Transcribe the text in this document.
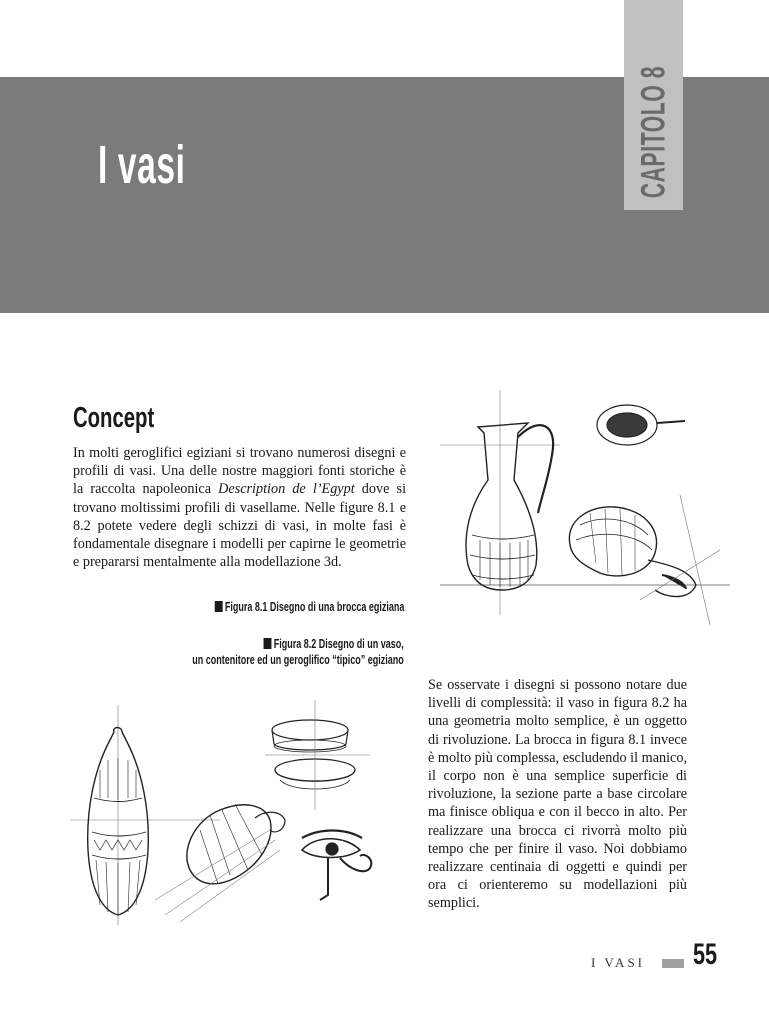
I vasi	CAPITOLO 8
Concept

In molti geroglifici egiziani si trovano numerosi disegni e profili di vasi. Una delle nostre maggiori fonti storiche è la raccolta napoleonica Description de l’Egypt dove si trovano moltissimi profili di vasellame. Nelle figure 8.1 e 8.2 potete vedere degli schizzi di vasi, in molte fasi è fondamentale disegnare i modelli per capirne le geometrie e prepararsi mentalmente alla modellazione 3d.

Figura 8.1 Disegno di una brocca egiziana
Figura 8.2 Disegno di un vaso,
un contenitore ed un geroglifico “tipico” egiziano

Se osservate i disegni si possono notare due livelli di complessità: il vaso in figura 8.2 ha una geometria molto semplice, è un oggetto di rivoluzione. La brocca in figura 8.1 invece è molto più complessa, escludendo il manico, il corpo non è una semplice superficie di rivoluzione, la sezione parte a base circolare ma finisce obliqua e con il becco in alto. Per realizzare una brocca ci rivorrà molto più tempo che per finire il vaso. Noi dobbiamo realizzare centinaia di oggetti e quindi per ora ci orienteremo su modellazioni più semplici.

I VASI 55
